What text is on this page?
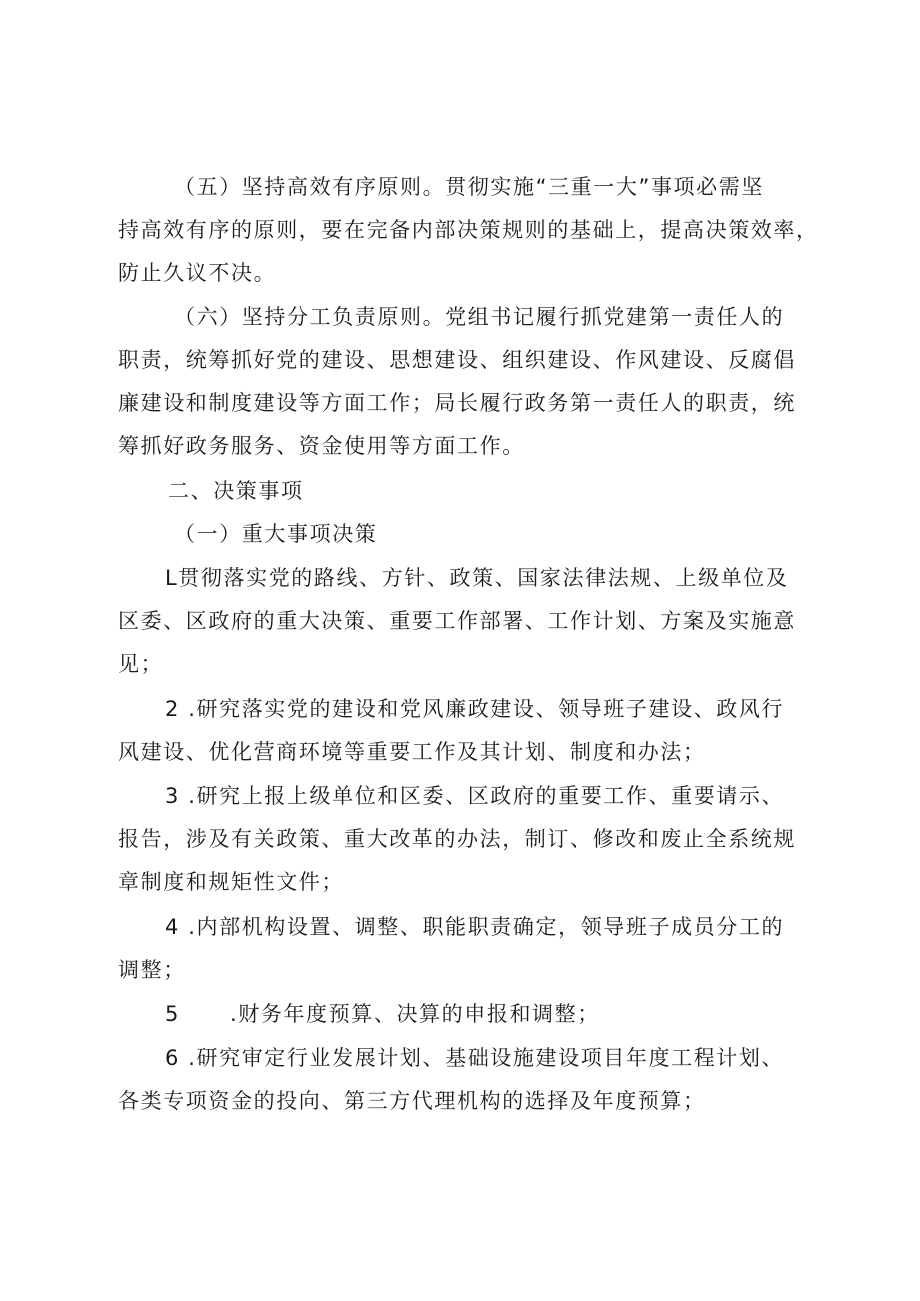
（五）坚持高效有序原则。贯彻实施“三重一大”事项必需坚
持高效有序的原则，要在完备内部决策规则的基础上，提高决策效率，
防止久议不决。
（六）坚持分工负责原则。党组书记履行抓党建第一责任人的
职责，统筹抓好党的建设、思想建设、组织建设、作风建设、反腐倡
廉建设和制度建设等方面工作；局长履行政务第一责任人的职责，统
筹抓好政务服务、资金使用等方面工作。
二、决策事项
（一）重大事项决策
L贯彻落实党的路线、方针、政策、国家法律法规、上级单位及
区委、区政府的重大决策、重要工作部署、工作计划、方案及实施意
见；
2 .研究落实党的建设和党风廉政建设、领导班子建设、政风行
风建设、优化营商环境等重要工作及其计划、制度和办法；
3 .研究上报上级单位和区委、区政府的重要工作、重要请示、
报告，涉及有关政策、重大改革的办法，制订、修改和废止全系统规
章制度和规矩性文件；
4 .内部机构设置、调整、职能职责确定，领导班子成员分工的
调整；
5 .财务年度预算、决算的申报和调整；
6 .研究审定行业发展计划、基础设施建设项目年度工程计划、
各类专项资金的投向、第三方代理机构的选择及年度预算；
